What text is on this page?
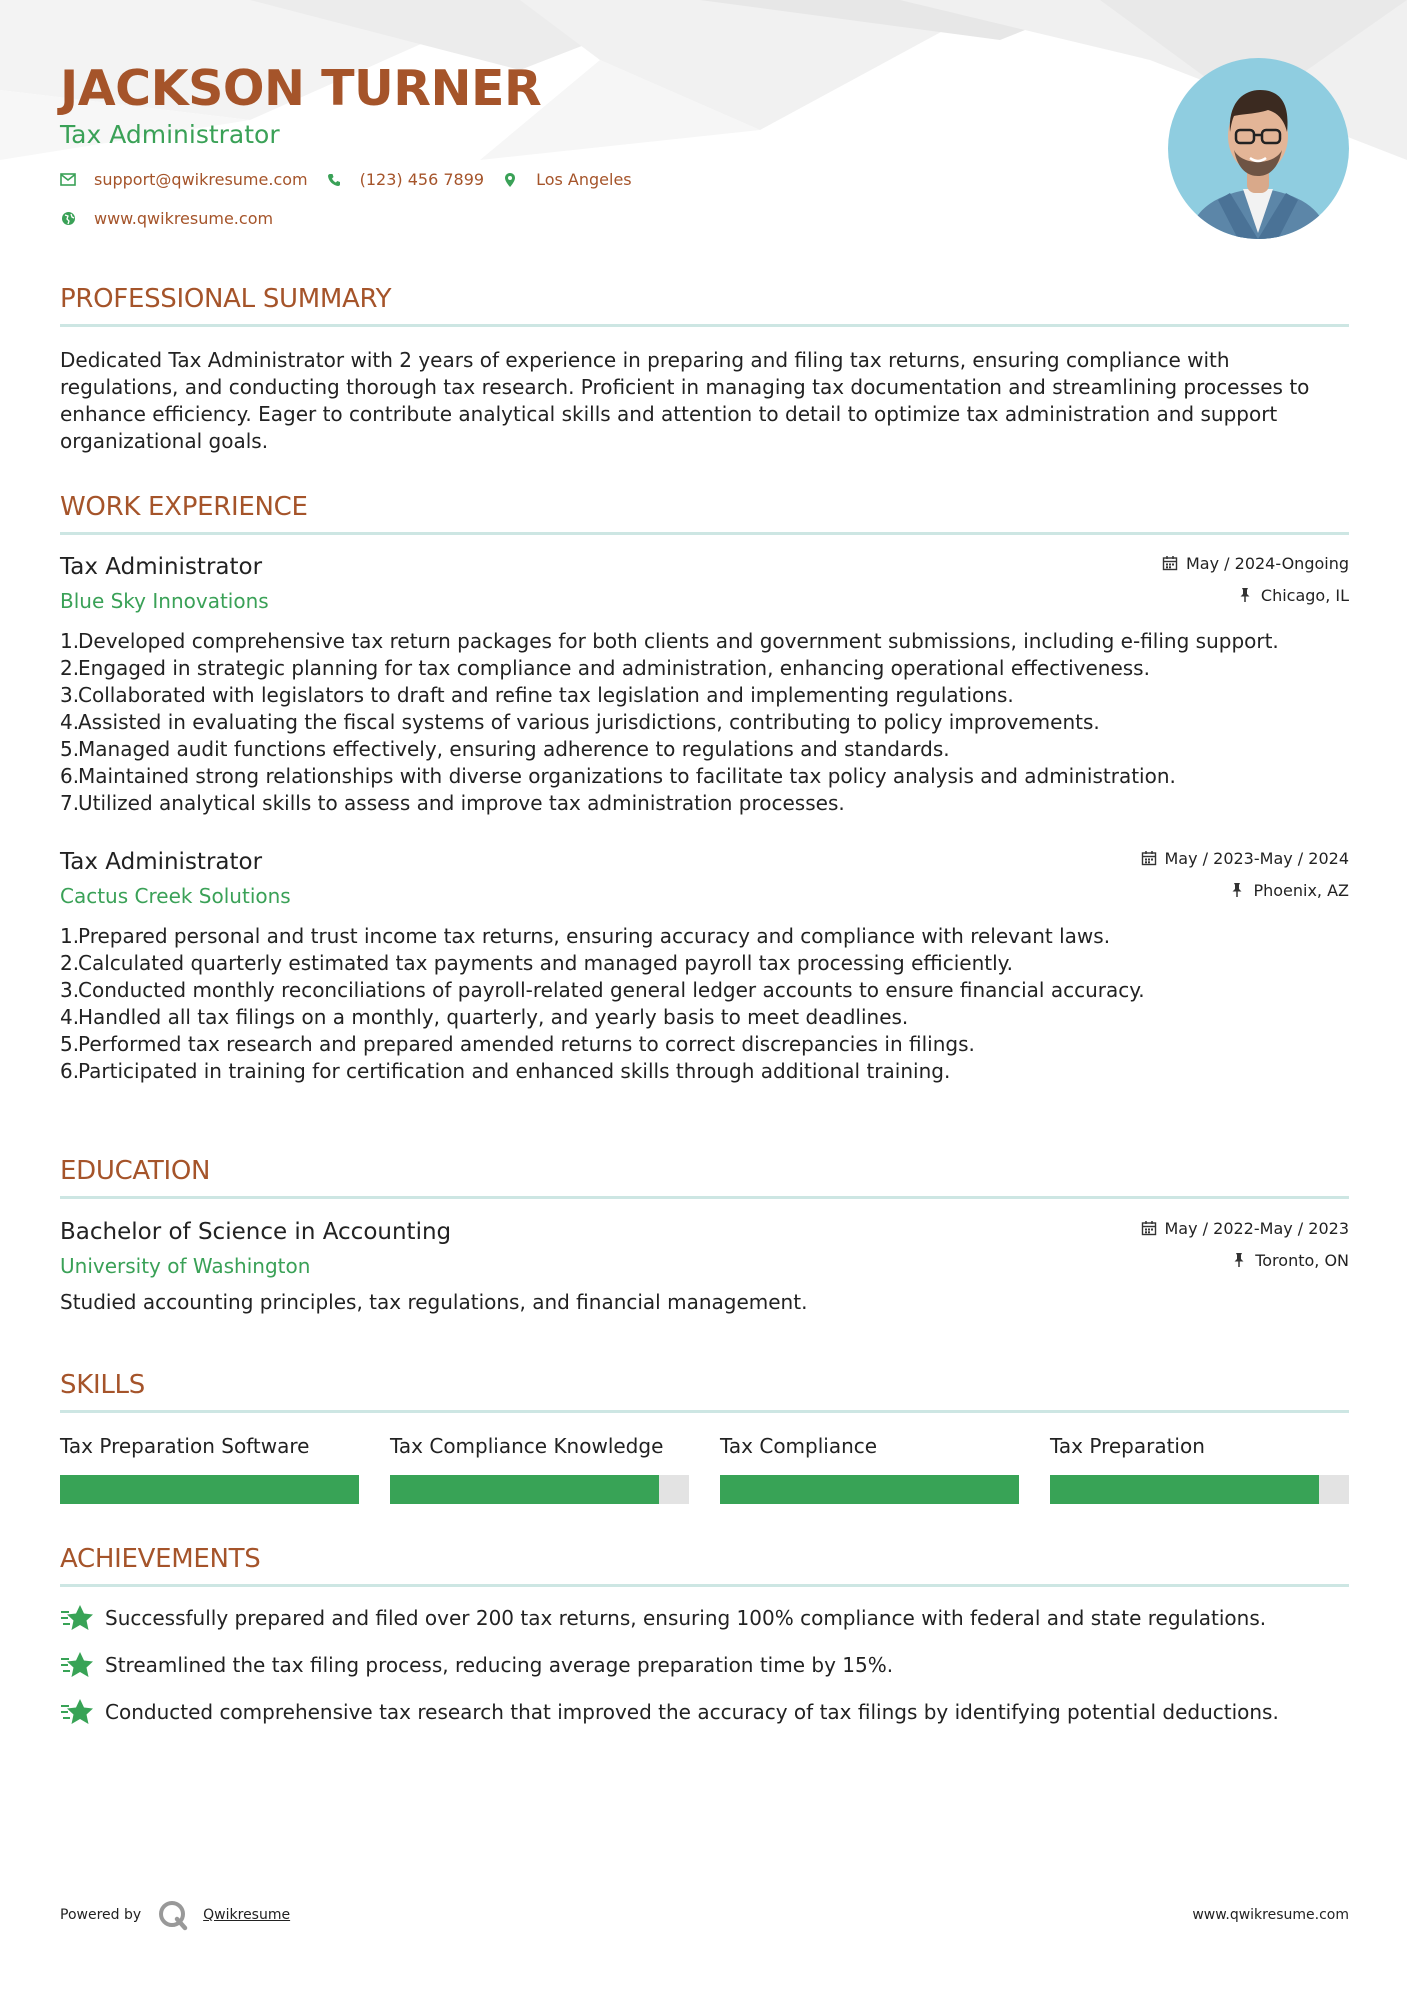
JACKSON TURNER
Tax Administrator
support@qwikresume.com	(123) 456 7899	Los Angeles
www.qwikresume.com
PROFESSIONAL SUMMARY
Dedicated Tax Administrator with 2 years of experience in preparing and filing tax returns, ensuring compliance with regulations, and conducting thorough tax research. Proficient in managing tax documentation and streamlining processes to enhance efficiency. Eager to contribute analytical skills and attention to detail to optimize tax administration and support organizational goals.
WORK EXPERIENCE
Tax Administrator
Blue Sky Innovations
May / 2024-Ongoing
Chicago, IL
1.
Developed comprehensive tax return packages for both clients and government submissions, including e-filing support.
2.
Engaged in strategic planning for tax compliance and administration, enhancing operational effectiveness.
3.
Collaborated with legislators to draft and refine tax legislation and implementing regulations.
4.
Assisted in evaluating the fiscal systems of various jurisdictions, contributing to policy improvements.
5.
Managed audit functions effectively, ensuring adherence to regulations and standards.
6.
Maintained strong relationships with diverse organizations to facilitate tax policy analysis and administration.
7.
Utilized analytical skills to assess and improve tax administration processes.
Tax Administrator
Cactus Creek Solutions
May / 2023-May / 2024
Phoenix, AZ
1.
Prepared personal and trust income tax returns, ensuring accuracy and compliance with relevant laws.
2.
Calculated quarterly estimated tax payments and managed payroll tax processing efficiently.
3.
Conducted monthly reconciliations of payroll-related general ledger accounts to ensure financial accuracy.
4.
Handled all tax filings on a monthly, quarterly, and yearly basis to meet deadlines.
5.
Performed tax research and prepared amended returns to correct discrepancies in filings.
6.
Participated in training for certification and enhanced skills through additional training.
EDUCATION
Bachelor of Science in Accounting
University of Washington
May / 2022-May / 2023
Toronto, ON
Studied accounting principles, tax regulations, and financial management.
SKILLS
Tax Preparation Software	Tax Compliance Knowledge	Tax Compliance	Tax Preparation
ACHIEVEMENTS
Successfully prepared and filed over 200 tax returns, ensuring 100% compliance with federal and state regulations.
Streamlined the tax filing process, reducing average preparation time by 15%.
Conducted comprehensive tax research that improved the accuracy of tax filings by identifying potential deductions.
Powered by	Qwikresume	www.qwikresume.com
